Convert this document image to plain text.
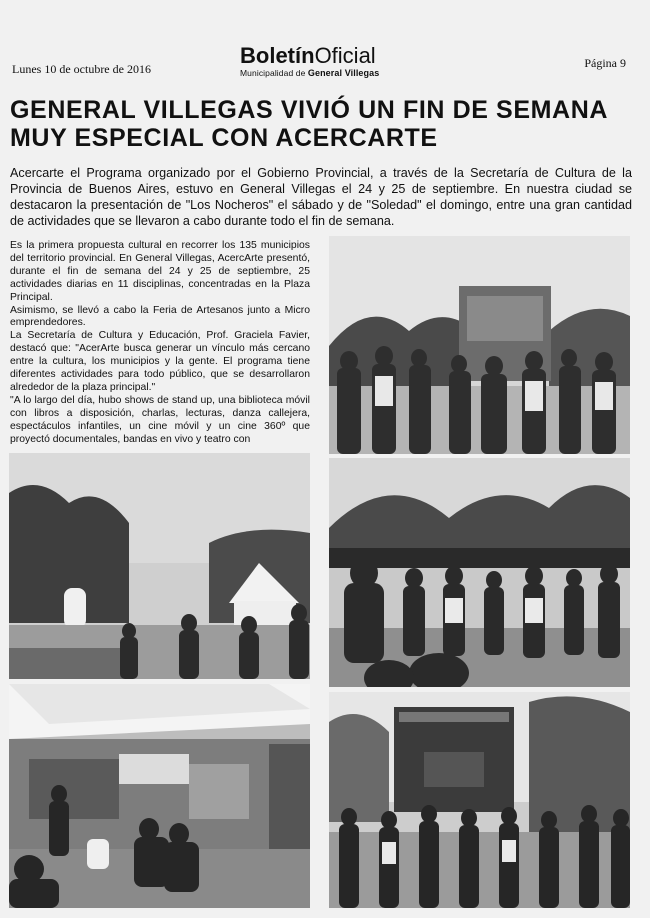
Lunes 10 de octubre de 2016
BoletínOficial
Municipalidad de General Villegas
Página 9
GENERAL VILLEGAS VIVIÓ UN FIN DE SEMANA MUY ESPECIAL CON ACERCARTE
Acercarte el Programa organizado por el Gobierno Provincial, a través de la Secretaría de Cultura de la Provincia de Buenos Aires, estuvo en General Villegas el 24 y 25 de septiembre. En nuestra ciudad se destacaron la presentación de "Los Nocheros" el sábado y de "Soledad" el domingo, entre una gran cantidad de actividades que se llevaron a cabo durante todo el fin de semana.

Es la primera propuesta cultural en recorrer los 135 municipios del territorio provincial. En General Villegas, AcercArte presentó, durante el fin de semana del 24 y 25 de septiembre, 25 actividades diarias en 11 disciplinas, concentradas en la Plaza Principal.

Asimismo, se llevó a cabo la Feria de Artesanos junto a Micro emprendedores.

La Secretaría de Cultura y Educación, Prof. Graciela Favier, destacó que: "AcerArte busca generar un vínculo más cercano entre la cultura, los municipios y la gente. El programa tiene diferentes actividades para todo público, que se desarrollaron alrededor de la plaza principal."

"A lo largo del día, hubo shows de stand up, una biblioteca móvil con libros a disposición, charlas, lecturas, danza callejera, espectáculos infantiles, un cine móvil y un cine 360º que proyectó documentales, bandas en vivo y teatro con
